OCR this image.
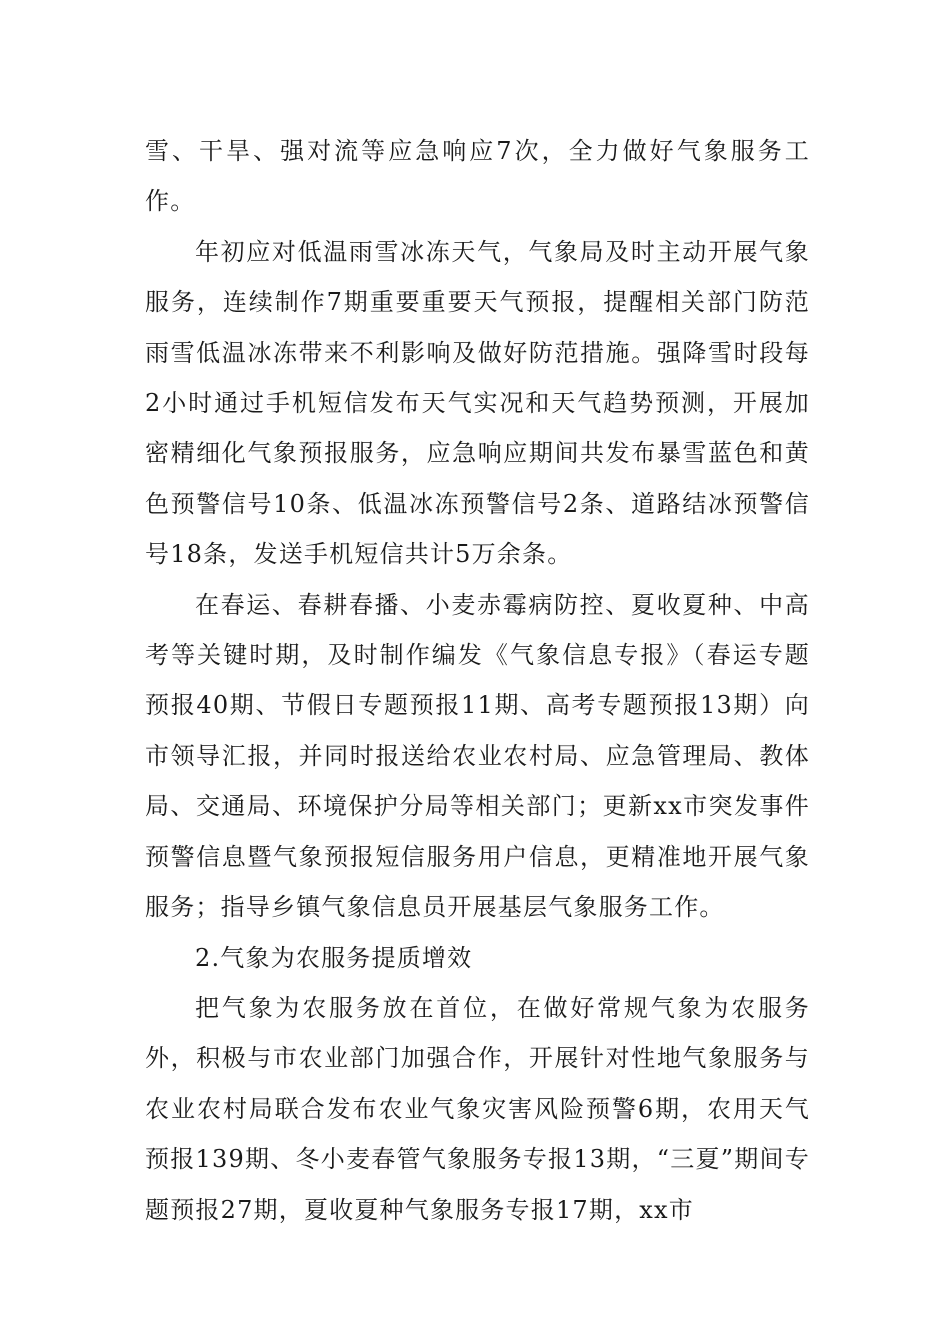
雪、干旱、强对流等应急响应7次，全力做好气象服务工作。

年初应对低温雨雪冰冻天气，气象局及时主动开展气象服务，连续制作7期重要重要天气预报，提醒相关部门防范雨雪低温冰冻带来不利影响及做好防范措施。强降雪时段每2小时通过手机短信发布天气实况和天气趋势预测，开展加密精细化气象预报服务，应急响应期间共发布暴雪蓝色和黄色预警信号10条、低温冰冻预警信号2条、道路结冰预警信号18条，发送手机短信共计5万余条。

在春运、春耕春播、小麦赤霉病防控、夏收夏种、中高考等关键时期，及时制作编发《气象信息专报》（春运专题预报40期、节假日专题预报11期、高考专题预报13期）向市领导汇报，并同时报送给农业农村局、应急管理局、教体局、交通局、环境保护分局等相关部门；更新xx市突发事件预警信息暨气象预报短信服务用户信息，更精准地开展气象服务；指导乡镇气象信息员开展基层气象服务工作。

2.气象为农服务提质增效

把气象为农服务放在首位，在做好常规气象为农服务外，积极与市农业部门加强合作，开展针对性地气象服务与农业农村局联合发布农业气象灾害风险预警6期，农用天气预报139期、冬小麦春管气象服务专报13期，“三夏”期间专题预报27期，夏收夏种气象服务专报17期，xx市
